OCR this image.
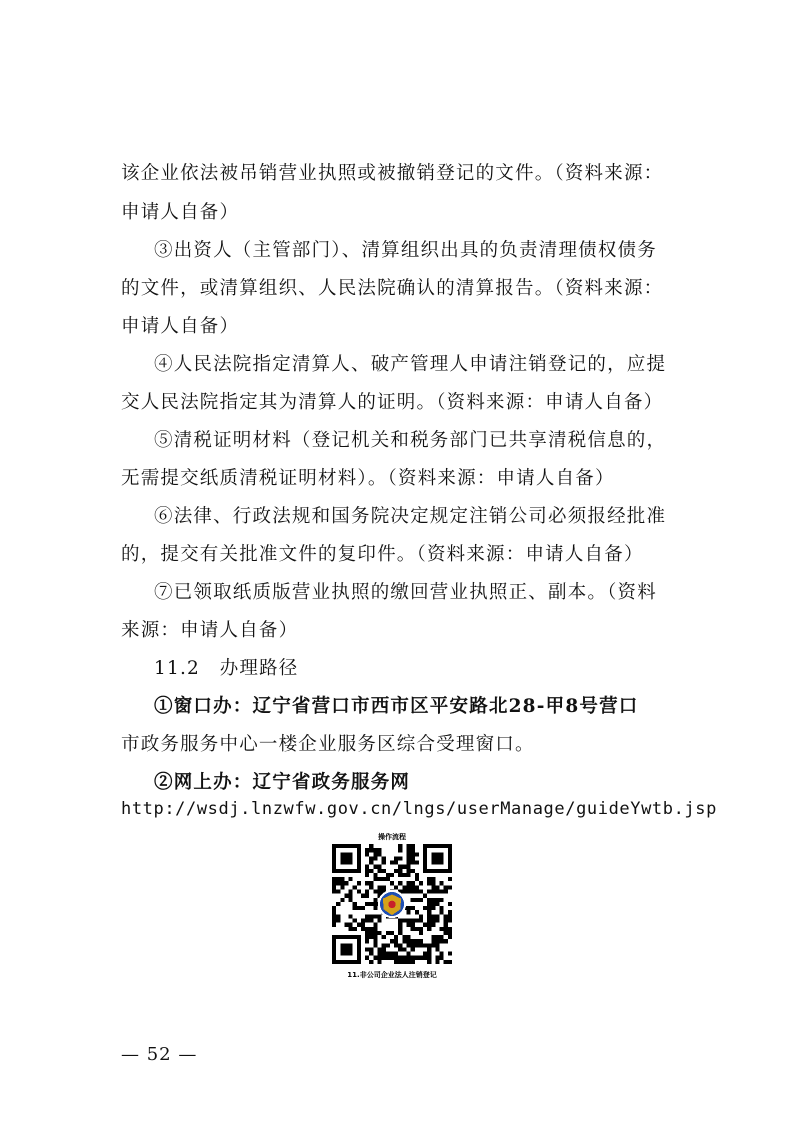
该企业依法被吊销营业执照或被撤销登记的文件。（资料来源：
申请人自备）
③出资人（主管部门）、清算组织出具的负责清理债权债务
的文件，或清算组织、人民法院确认的清算报告。（资料来源：
申请人自备）
④人民法院指定清算人、破产管理人申请注销登记的，应提
交人民法院指定其为清算人的证明。（资料来源：申请人自备）
⑤清税证明材料（登记机关和税务部门已共享清税信息的，
无需提交纸质清税证明材料）。（资料来源：申请人自备）
⑥法律、行政法规和国务院决定规定注销公司必须报经批准
的，提交有关批准文件的复印件。（资料来源：申请人自备）
⑦已领取纸质版营业执照的缴回营业执照正、副本。（资料
来源：申请人自备）
11.2　办理路径
①窗口办：辽宁省营口市西市区平安路北28-甲8号营口
市政务服务中心一楼企业服务区综合受理窗口。
②网上办：辽宁省政务服务网
http://wsdj.lnzwfw.gov.cn/lngs/userManage/guideYwtb.jsp
操作流程
11.非公司企业法人注销登记
— 52 —
